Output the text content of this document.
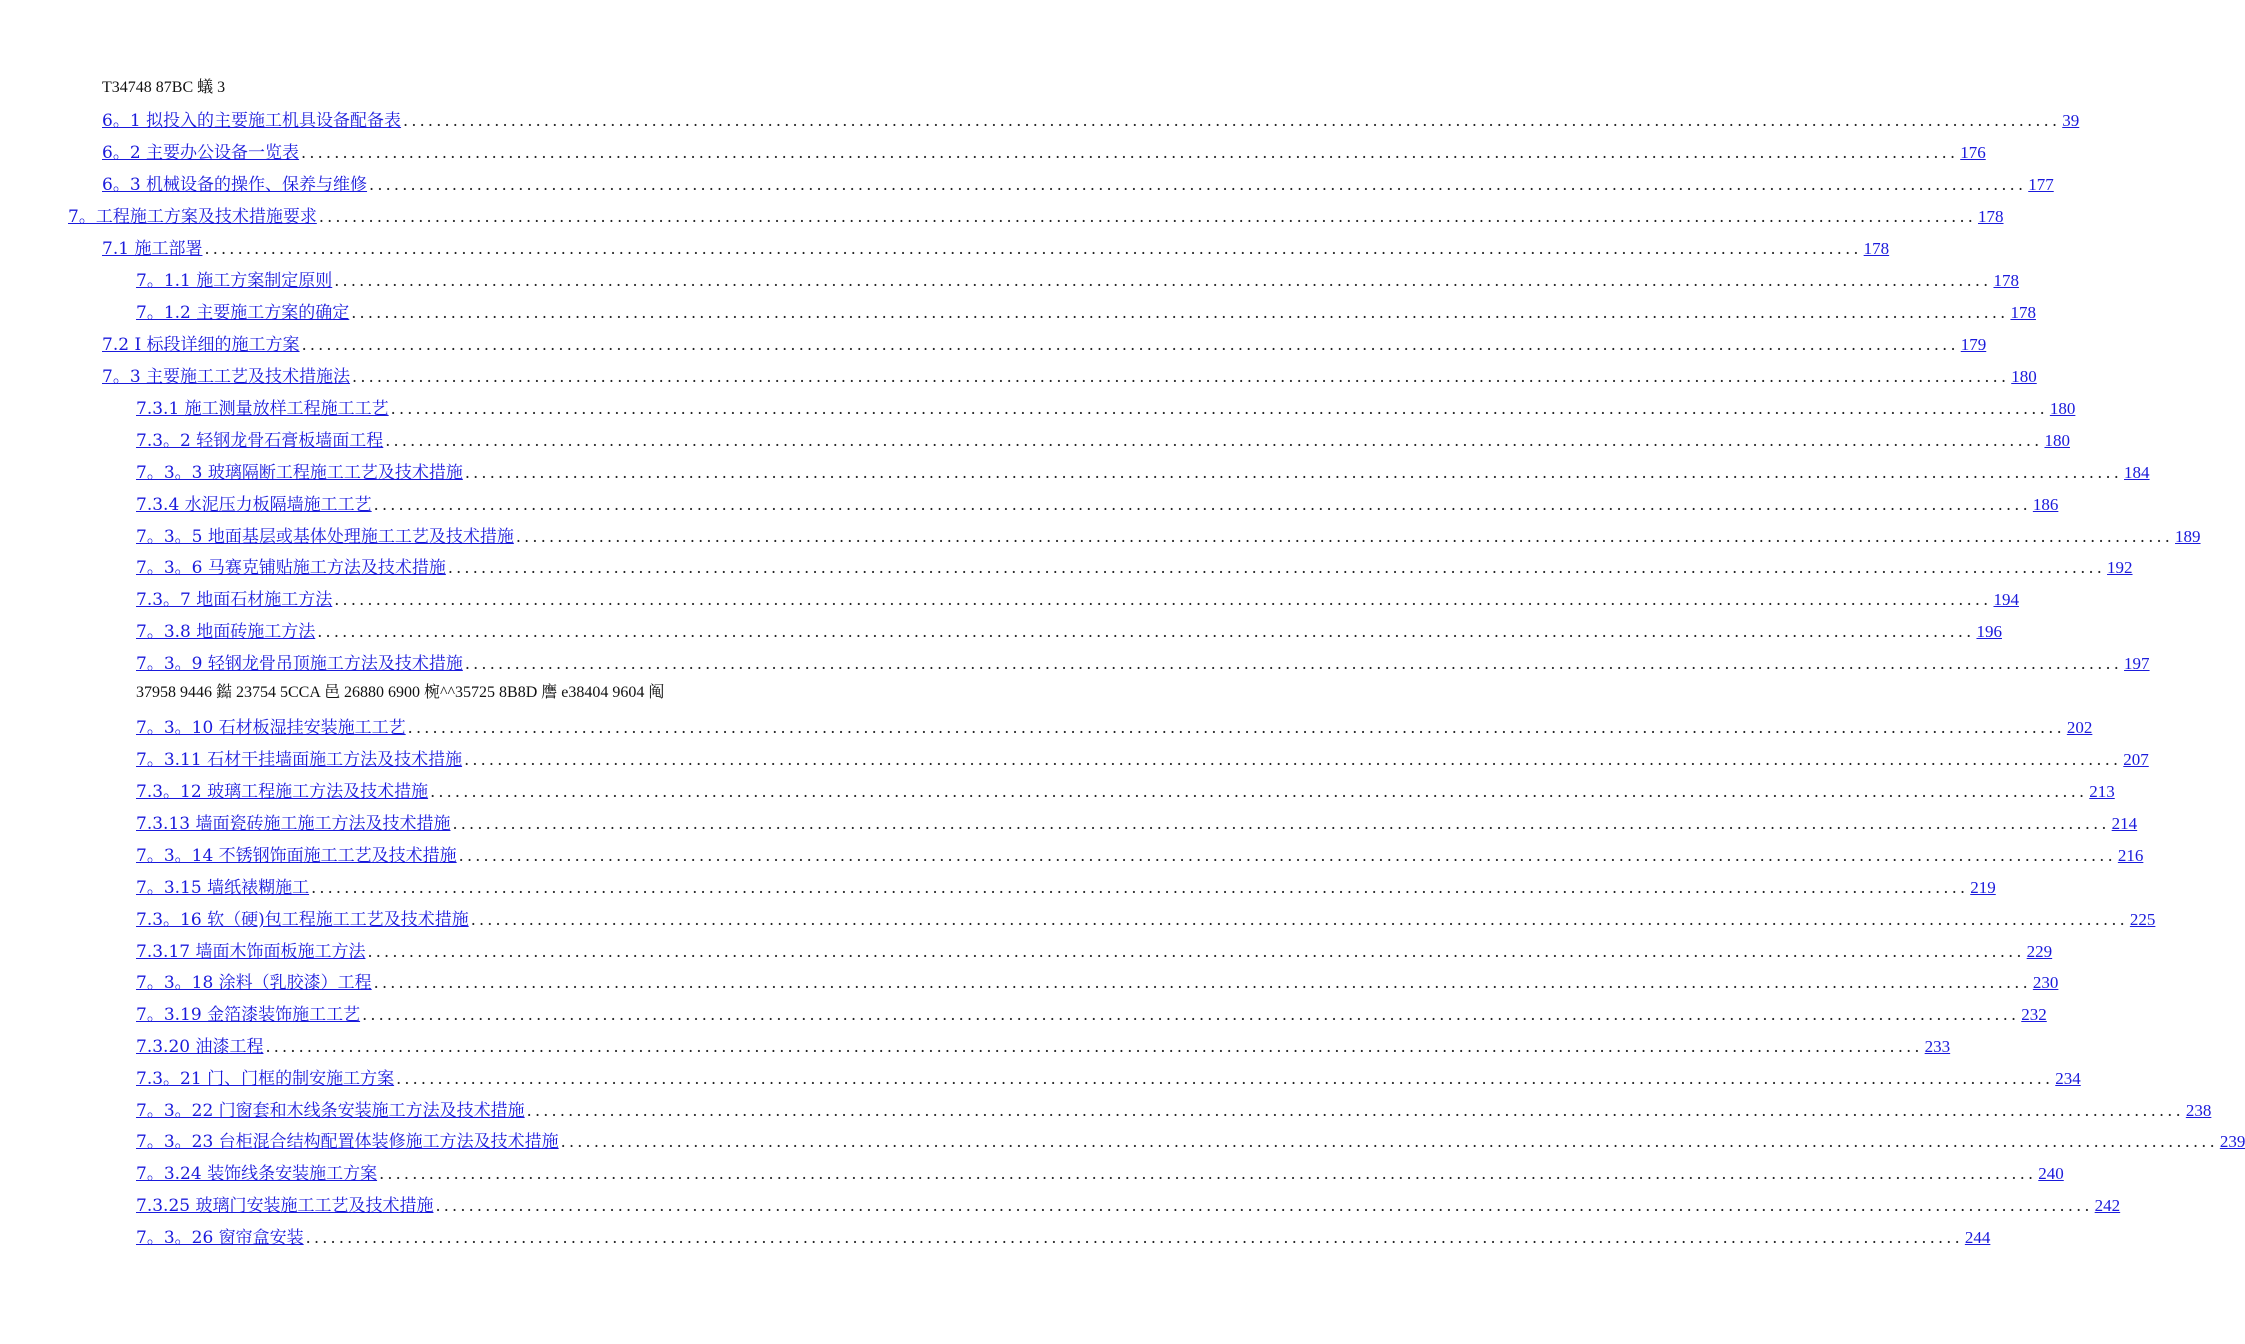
T34748 87BC 蟻 3
6。1 拟投入的主要施工机具设备配备表 ........................................................................................................................................................................................................ 39
6。2 主要办公设备一览表 ........................................................................................................................................................................................................ 176
6。3 机械设备的操作、保养与维修 ........................................................................................................................................................................................................ 177
7。工程施工方案及技术措施要求 ........................................................................................................................................................................................................ 178
7.1 施工部署 ........................................................................................................................................................................................................ 178
7。1.1 施工方案制定原则 ........................................................................................................................................................................................................ 178
7。1.2 主要施工方案的确定 ........................................................................................................................................................................................................ 178
7.2 I 标段详细的施工方案 ........................................................................................................................................................................................................ 179
7。3 主要施工工艺及技术措施法 ........................................................................................................................................................................................................ 180
7.3.1 施工测量放样工程施工工艺 ........................................................................................................................................................................................................ 180
7.3。2 轻钢龙骨石膏板墙面工程 ........................................................................................................................................................................................................ 180
7。3。3 玻璃隔断工程施工工艺及技术措施 ........................................................................................................................................................................................................ 184
7.3.4 水泥压力板隔墙施工工艺 ........................................................................................................................................................................................................ 186
7。3。5 地面基层或基体处理施工工艺及技术措施 ........................................................................................................................................................................................................ 189
7。3。6 马赛克铺贴施工方法及技术措施 ........................................................................................................................................................................................................ 192
7.3。7 地面石材施工方法 ........................................................................................................................................................................................................ 194
7。3.8 地面砖施工方法 ........................................................................................................................................................................................................ 196
7。3。9 轻钢龙骨吊顶施工方法及技术措施 ........................................................................................................................................................................................................ 197
37958 9446 鐑 23754 5CCA 邑 26880 6900 椀^^35725 8B8D 譍 e38404 9604 阄
7。3。10 石材板湿挂安装施工工艺 ........................................................................................................................................................................................................ 202
7。3.11 石材干挂墙面施工方法及技术措施 ........................................................................................................................................................................................................ 207
7.3。12 玻璃工程施工方法及技术措施 ........................................................................................................................................................................................................ 213
7.3.13 墙面瓷砖施工施工方法及技术措施 ........................................................................................................................................................................................................ 214
7。3。14 不锈钢饰面施工工艺及技术措施 ........................................................................................................................................................................................................ 216
7。3.15 墙纸裱糊施工 ........................................................................................................................................................................................................ 219
7.3。16 软（硬)包工程施工工艺及技术措施 ........................................................................................................................................................................................................ 225
7.3.17 墙面木饰面板施工方法 ........................................................................................................................................................................................................ 229
7。3。18 涂料（乳胶漆）工程 ........................................................................................................................................................................................................ 230
7。3.19 金箔漆装饰施工工艺 ........................................................................................................................................................................................................ 232
7.3.20 油漆工程 ........................................................................................................................................................................................................ 233
7.3。21 门、门框的制安施工方案 ........................................................................................................................................................................................................ 234
7。3。22 门窗套和木线条安装施工方法及技术措施 ........................................................................................................................................................................................................ 238
7。3。23 台柜混合结构配置体装修施工方法及技术措施 ........................................................................................................................................................................................................ 239
7。3.24 装饰线条安装施工方案 ........................................................................................................................................................................................................ 240
7.3.25 玻璃门安装施工工艺及技术措施 ........................................................................................................................................................................................................ 242
7。3。26 窗帘盒安装 ........................................................................................................................................................................................................ 244
